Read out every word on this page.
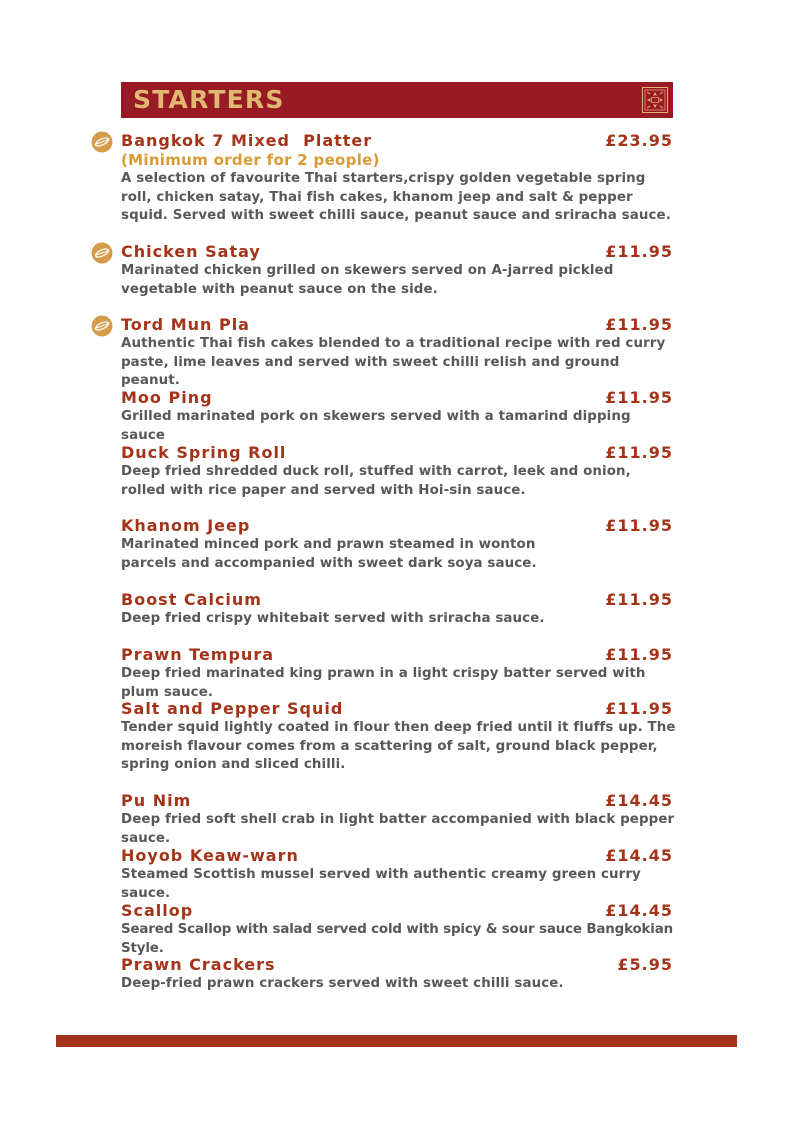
STARTERS
Bangkok 7 Mixed  Platter	£23.95
(Minimum order for 2 people)
A selection of favourite Thai starters,crispy golden vegetable spring roll, chicken satay, Thai fish cakes, khanom jeep and salt & pepper squid. Served with sweet chilli sauce, peanut sauce and sriracha sauce.
Chicken Satay	£11.95
Marinated chicken grilled on skewers served on A-jarred pickled vegetable with peanut sauce on the side.
Tord Mun Pla	£11.95
Authentic Thai fish cakes blended to a traditional recipe with red curry paste, lime leaves and served with sweet chilli relish and ground peanut.
Moo Ping	£11.95
Grilled marinated pork on skewers served with a tamarind dipping sauce
Duck Spring Roll	£11.95
Deep fried shredded duck roll, stuffed with carrot, leek and onion, rolled with rice paper and served with Hoi-sin sauce.
Khanom Jeep	£11.95
Marinated minced pork and prawn steamed in wonton parcels and accompanied with sweet dark soya sauce.
Boost Calcium	£11.95
Deep fried crispy whitebait served with sriracha sauce.
Prawn Tempura	£11.95
Deep fried marinated king prawn in a light crispy batter served with plum sauce.
Salt and Pepper Squid	£11.95
Tender squid lightly coated in flour then deep fried until it fluffs up. The moreish flavour comes from a scattering of salt, ground black pepper, spring onion and sliced chilli.
Pu Nim	£14.45
Deep fried soft shell crab in light batter accompanied with black pepper sauce.
Hoyob Keaw-warn	£14.45
Steamed Scottish mussel served with authentic creamy green curry sauce.
Scallop	£14.45
Seared Scallop with salad served cold with spicy & sour sauce Bangkokian Style.
Prawn Crackers	£5.95
Deep-fried prawn crackers served with sweet chilli sauce.
